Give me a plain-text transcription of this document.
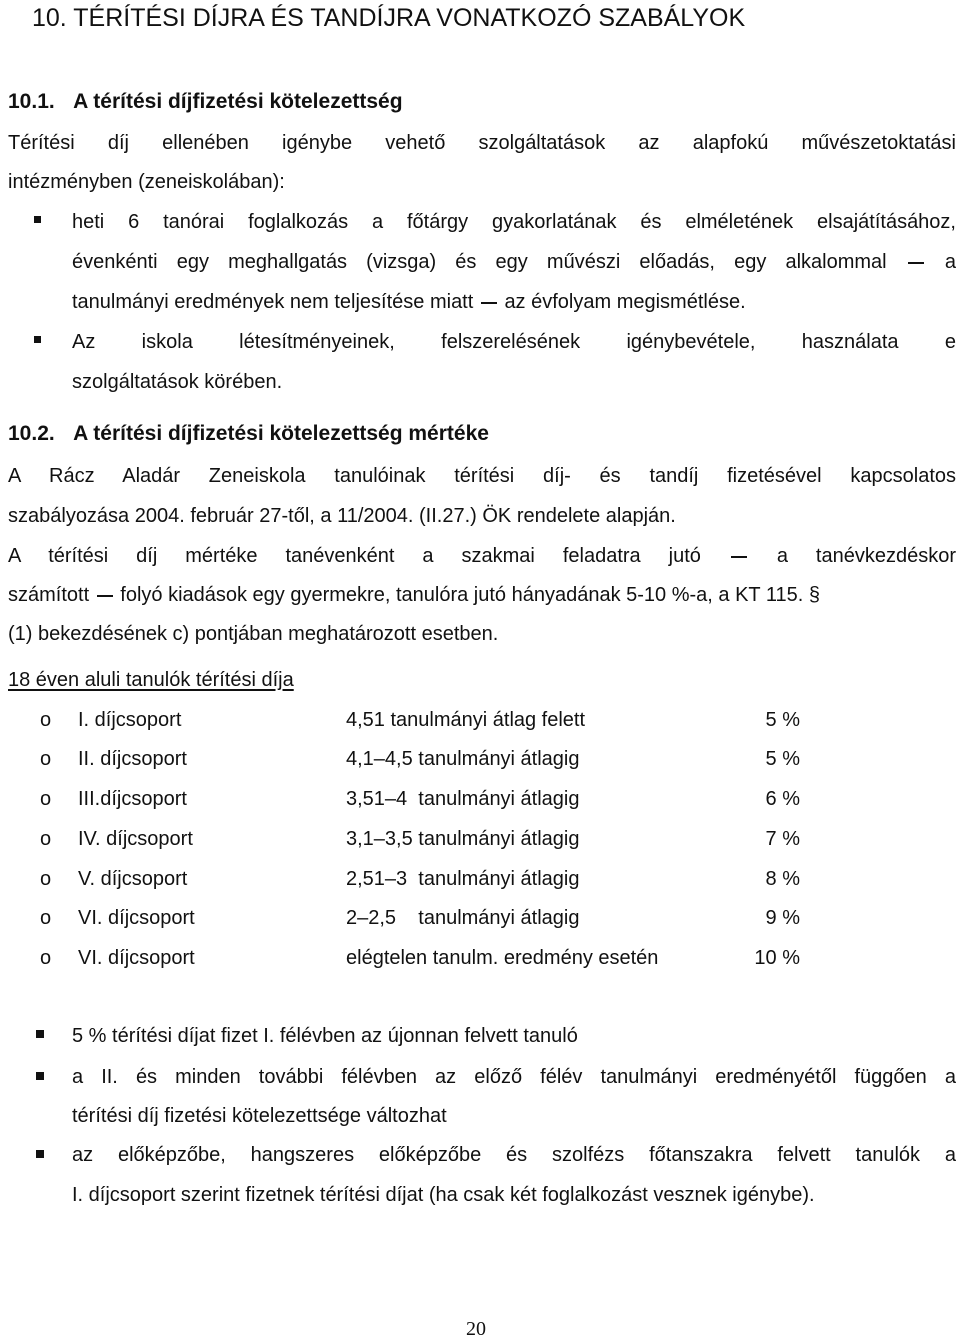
10. TÉRÍTÉSI DÍJRA ÉS TANDÍJRA VONATKOZÓ SZABÁLYOK
10.1. A térítési díjfizetési kötelezettség
Térítési díj ellenében igénybe vehető szolgáltatások az alapfokú művészetoktatási
intézményben (zeneiskolában):
heti 6 tanórai foglalkozás a főtárgy gyakorlatának és elméletének elsajátításához,
évenkénti egy meghallgatás (vizsga) és egy művészi előadás, egy alkalommal	a
tanulmányi eredmények nem teljesítése miatt az évfolyam megismétlése.
Az iskola létesítményeinek, felszerelésének igénybevétele, használata e
szolgáltatások körében.
10.2. A térítési díjfizetési kötelezettség mértéke
A Rácz Aladár Zeneiskola tanulóinak térítési díj- és tandíj fizetésével kapcsolatos
szabályozása 2004. február 27-től, a 11/2004. (II.27.) ÖK rendelete alapján.
A térítési díj mértéke tanévenként a szakmai feladatra jutó	a tanévkezdéskor
számított folyó kiadások egy gyermekre, tanulóra jutó hányadának 5-10 %-a, a KT 115. §
(1) bekezdésének c) pontjában meghatározott esetben.
18 éven aluli tanulók térítési díja
o I. díjcsoport	4,51 tanulmányi átlag felett	5 %
o II. díjcsoport	4,1–4,5 tanulmányi átlagig	5 %
o III.díjcsoport	3,51–4  tanulmányi átlagig	6 %
o IV. díjcsoport	3,1–3,5 tanulmányi átlagig	7 %
o V. díjcsoport	2,51–3  tanulmányi átlagig	8 %
o VI. díjcsoport	2–2,5    tanulmányi átlagig	9 %
o VI. díjcsoport	elégtelen tanulm. eredmény esetén	10 %
5 % térítési díjat fizet I. félévben az újonnan felvett tanuló
a II. és minden további félévben az előző félév tanulmányi eredményétől függően a
térítési díj fizetési kötelezettsége változhat
az előképzőbe, hangszeres előképzőbe és szolfézs főtanszakra felvett tanulók a
I. díjcsoport szerint fizetnek térítési díjat (ha csak két foglalkozást vesznek igénybe).
20
